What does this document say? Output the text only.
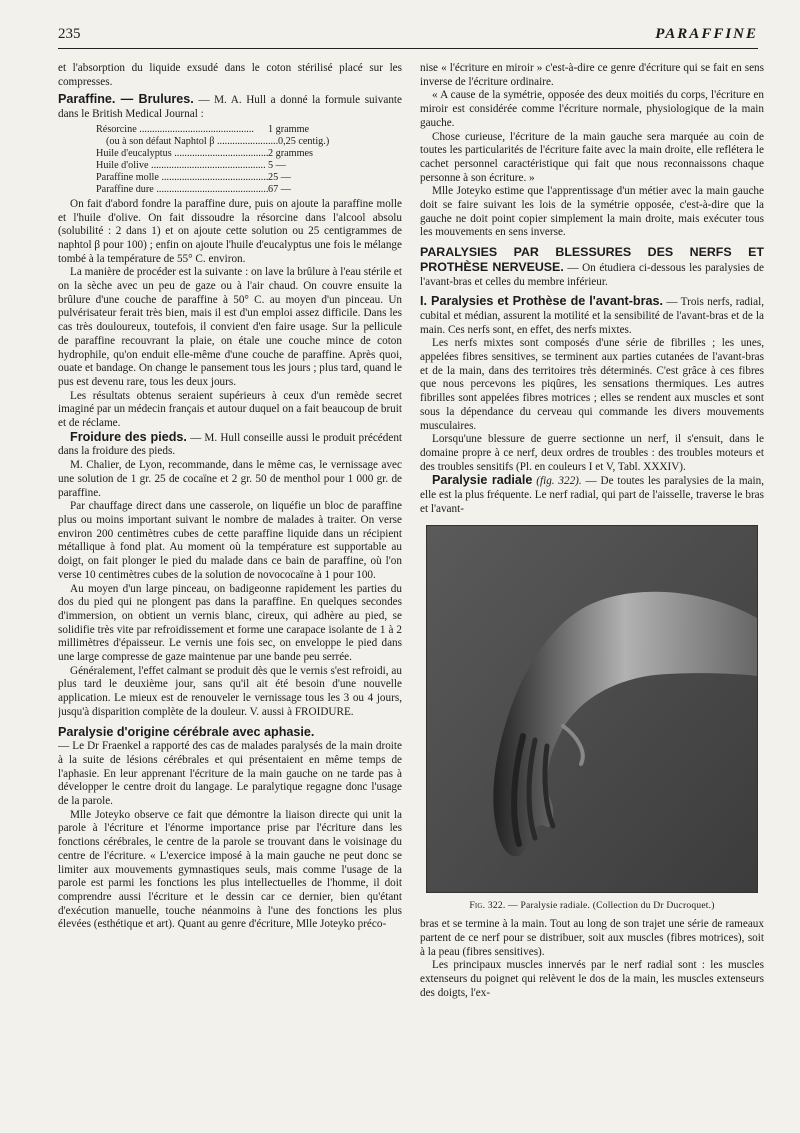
235	PARAFFINE

et l'absorption du liquide exsudé dans le coton stérilisé placé sur les compresses.

Paraffine. — Brulures. — M. A. Hull a donné la formule suivante dans le British Medical Journal :

Résorcine .....	1 gramme
(ou à son défaut Naphtol β .....	0,25 centig.)
Huile d'eucalyptus .....	2 grammes
Huile d'olive .....	5 —
Paraffine molle .....	25 —
Paraffine dure .....	67 —

On fait d'abord fondre la paraffine dure, puis on ajoute la paraffine molle et l'huile d'olive. On fait dissoudre la résorcine dans l'alcool absolu (solubilité : 2 dans 1) et on ajoute cette solution ou 25 centigrammes de naphtol β pour 100) ; enfin on ajoute l'huile d'eucalyptus une fois le mélange tombé à la température de 55° C. environ.

La manière de procéder est la suivante : on lave la brûlure à l'eau stérile et on la sèche avec un peu de gaze ou à l'air chaud. On couvre ensuite la brûlure d'une couche de paraffine à 50° C. au moyen d'un pinceau. Un pulvérisateur ferait très bien, mais il est d'un emploi assez difficile. Dans les cas très douloureux, toutefois, il convient d'en faire usage. Sur la pellicule de paraffine recouvrant la plaie, on étale une couche mince de coton hydrophile, qu'on enduit elle-même d'une couche de paraffine. Après quoi, ouate et bandage. On change le pansement tous les jours ; plus tard, quand le pus est devenu rare, tous les deux jours.

Les résultats obtenus seraient supérieurs à ceux d'un remède secret imaginé par un médecin français et autour duquel on a fait beaucoup de bruit et de réclame.

Froidure des pieds. — M. Hull conseille aussi le produit précédent dans la froidure des pieds.

M. Chalier, de Lyon, recommande, dans le même cas, le vernissage avec une solution de 1 gr. 25 de cocaïne et 2 gr. 50 de menthol pour 1 000 gr. de paraffine.

Par chauffage direct dans une casserole, on liquéfie un bloc de paraffine plus ou moins important suivant le nombre de malades à traiter. On verse environ 200 centimètres cubes de cette paraffine liquide dans un récipient métallique à fond plat. Au moment où la température est supportable au doigt, on fait plonger le pied du malade dans ce bain de paraffine, où l'on verse 10 centimètres cubes de la solution de novococaïne à 1 pour 100.

Au moyen d'un large pinceau, on badigeonne rapidement les parties du dos du pied qui ne plongent pas dans la paraffine. En quelques secondes d'immersion, on obtient un vernis blanc, cireux, qui adhère au pied, se solidifie très vite par refroidissement et forme une carapace isolante de 1 à 2 millimètres d'épaisseur. Le vernis une fois sec, on enveloppe le pied dans une large compresse de gaze maintenue par une bande peu serrée.

Généralement, l'effet calmant se produit dès que le vernis s'est refroidi, au plus tard le deuxième jour, sans qu'il ait été besoin d'une nouvelle application. Le mieux est de renouveler le vernissage tous les 3 ou 4 jours, jusqu'à disparition complète de la douleur. V. aussi à FROIDURE.

Paralysie d'origine cérébrale avec aphasie.

— Le Dr Fraenkel a rapporté des cas de malades paralysés de la main droite à la suite de lésions cérébrales et qui présentaient en même temps de l'aphasie. En leur apprenant l'écriture de la main gauche on ne tarde pas à développer le centre droit du langage. Le paralytique regagne donc l'usage de la parole.

Mlle Joteyko observe ce fait que démontre la liaison directe qui unit la parole à l'écriture et l'énorme importance prise par l'écriture dans les fonctions cérébrales, le centre de la parole se trouvant dans le voisinage du centre de l'écriture. « L'exercice imposé à la main gauche ne peut donc se limiter aux mouvements gymnastiques seuls, mais comme l'usage de la parole est parmi les fonctions les plus intellectuelles de l'homme, il doit comprendre aussi l'écriture et le dessin car ce dernier, bien qu'étant d'exécution manuelle, touche néanmoins à l'une des fonctions les plus élevées (esthétique et art). Quant au genre d'écriture, Mlle Joteyko préco-

nise « l'écriture en miroir » c'est-à-dire ce genre d'écriture qui se fait en sens inverse de l'écriture ordinaire.

« A cause de la symétrie, opposée des deux moitiés du corps, l'écriture en miroir est considérée comme l'écriture normale, physiologique de la main gauche.

Chose curieuse, l'écriture de la main gauche sera marquée au coin de toutes les particularités de l'écriture faite avec la main droite, elle reflétera le cachet personnel caractéristique qui fait que nous reconnaissons chaque personne à son écriture. »

Mlle Joteyko estime que l'apprentissage d'un métier avec la main gauche doit se faire suivant les lois de la symétrie opposée, c'est-à-dire que la gauche ne doit point copier simplement la main droite, mais exécuter tous les mouvements en sens inverse.

PARALYSIES PAR BLESSURES DES NERFS ET PROTHÈSE NERVEUSE. — On étudiera ci-dessous les paralysies de l'avant-bras et celles du membre inférieur.

I. Paralysies et Prothèse de l'avant-bras. — Trois nerfs, radial, cubital et médian, assurent la motilité et la sensibilité de l'avant-bras et de la main. Ces nerfs sont, en effet, des nerfs mixtes.

Les nerfs mixtes sont composés d'une série de fibrilles ; les unes, appelées fibres sensitives, se terminent aux parties cutanées de l'avant-bras et de la main, dans des territoires très déterminés. C'est grâce à ces fibres que nous percevons les piqûres, les sensations thermiques. Les autres fibrilles sont appelées fibres motrices ; elles se rendent aux muscles et sont sous la dépendance du cerveau qui commande les divers mouvements musculaires.

Lorsqu'une blessure de guerre sectionne un nerf, il s'ensuit, dans le domaine propre à ce nerf, deux ordres de troubles : des troubles moteurs et des troubles sensitifs (Pl. en couleurs I et V, Tabl. XXXIV).

Paralysie radiale (fig. 322). — De toutes les paralysies de la main, elle est la plus fréquente. Le nerf radial, qui part de l'aisselle, traverse le bras et l'avant-

Fig. 322. — Paralysie radiale. (Collection du Dr Ducroquet.)

bras et se termine à la main. Tout au long de son trajet une série de rameaux partent de ce nerf pour se distribuer, soit aux muscles (fibres motrices), soit à la peau (fibres sensitives).

Les principaux muscles innervés par le nerf radial sont : les muscles extenseurs du poignet qui relèvent le dos de la main, les muscles extenseurs des doigts, l'ex-
